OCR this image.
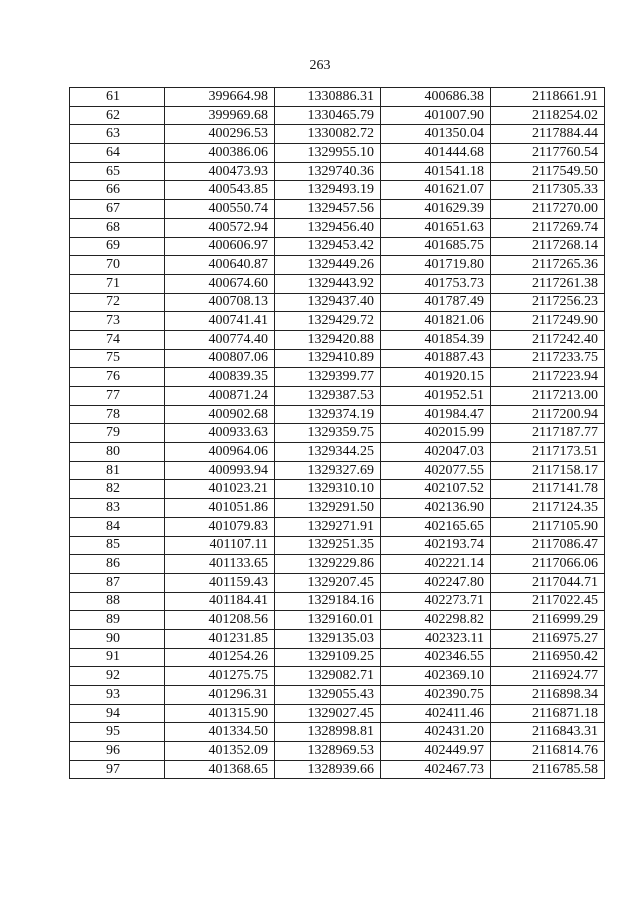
263
61	399664.98	1330886.31	400686.38	2118661.91
62	399969.68	1330465.79	401007.90	2118254.02
63	400296.53	1330082.72	401350.04	2117884.44
64	400386.06	1329955.10	401444.68	2117760.54
65	400473.93	1329740.36	401541.18	2117549.50
66	400543.85	1329493.19	401621.07	2117305.33
67	400550.74	1329457.56	401629.39	2117270.00
68	400572.94	1329456.40	401651.63	2117269.74
69	400606.97	1329453.42	401685.75	2117268.14
70	400640.87	1329449.26	401719.80	2117265.36
71	400674.60	1329443.92	401753.73	2117261.38
72	400708.13	1329437.40	401787.49	2117256.23
73	400741.41	1329429.72	401821.06	2117249.90
74	400774.40	1329420.88	401854.39	2117242.40
75	400807.06	1329410.89	401887.43	2117233.75
76	400839.35	1329399.77	401920.15	2117223.94
77	400871.24	1329387.53	401952.51	2117213.00
78	400902.68	1329374.19	401984.47	2117200.94
79	400933.63	1329359.75	402015.99	2117187.77
80	400964.06	1329344.25	402047.03	2117173.51
81	400993.94	1329327.69	402077.55	2117158.17
82	401023.21	1329310.10	402107.52	2117141.78
83	401051.86	1329291.50	402136.90	2117124.35
84	401079.83	1329271.91	402165.65	2117105.90
85	401107.11	1329251.35	402193.74	2117086.47
86	401133.65	1329229.86	402221.14	2117066.06
87	401159.43	1329207.45	402247.80	2117044.71
88	401184.41	1329184.16	402273.71	2117022.45
89	401208.56	1329160.01	402298.82	2116999.29
90	401231.85	1329135.03	402323.11	2116975.27
91	401254.26	1329109.25	402346.55	2116950.42
92	401275.75	1329082.71	402369.10	2116924.77
93	401296.31	1329055.43	402390.75	2116898.34
94	401315.90	1329027.45	402411.46	2116871.18
95	401334.50	1328998.81	402431.20	2116843.31
96	401352.09	1328969.53	402449.97	2116814.76
97	401368.65	1328939.66	402467.73	2116785.58
